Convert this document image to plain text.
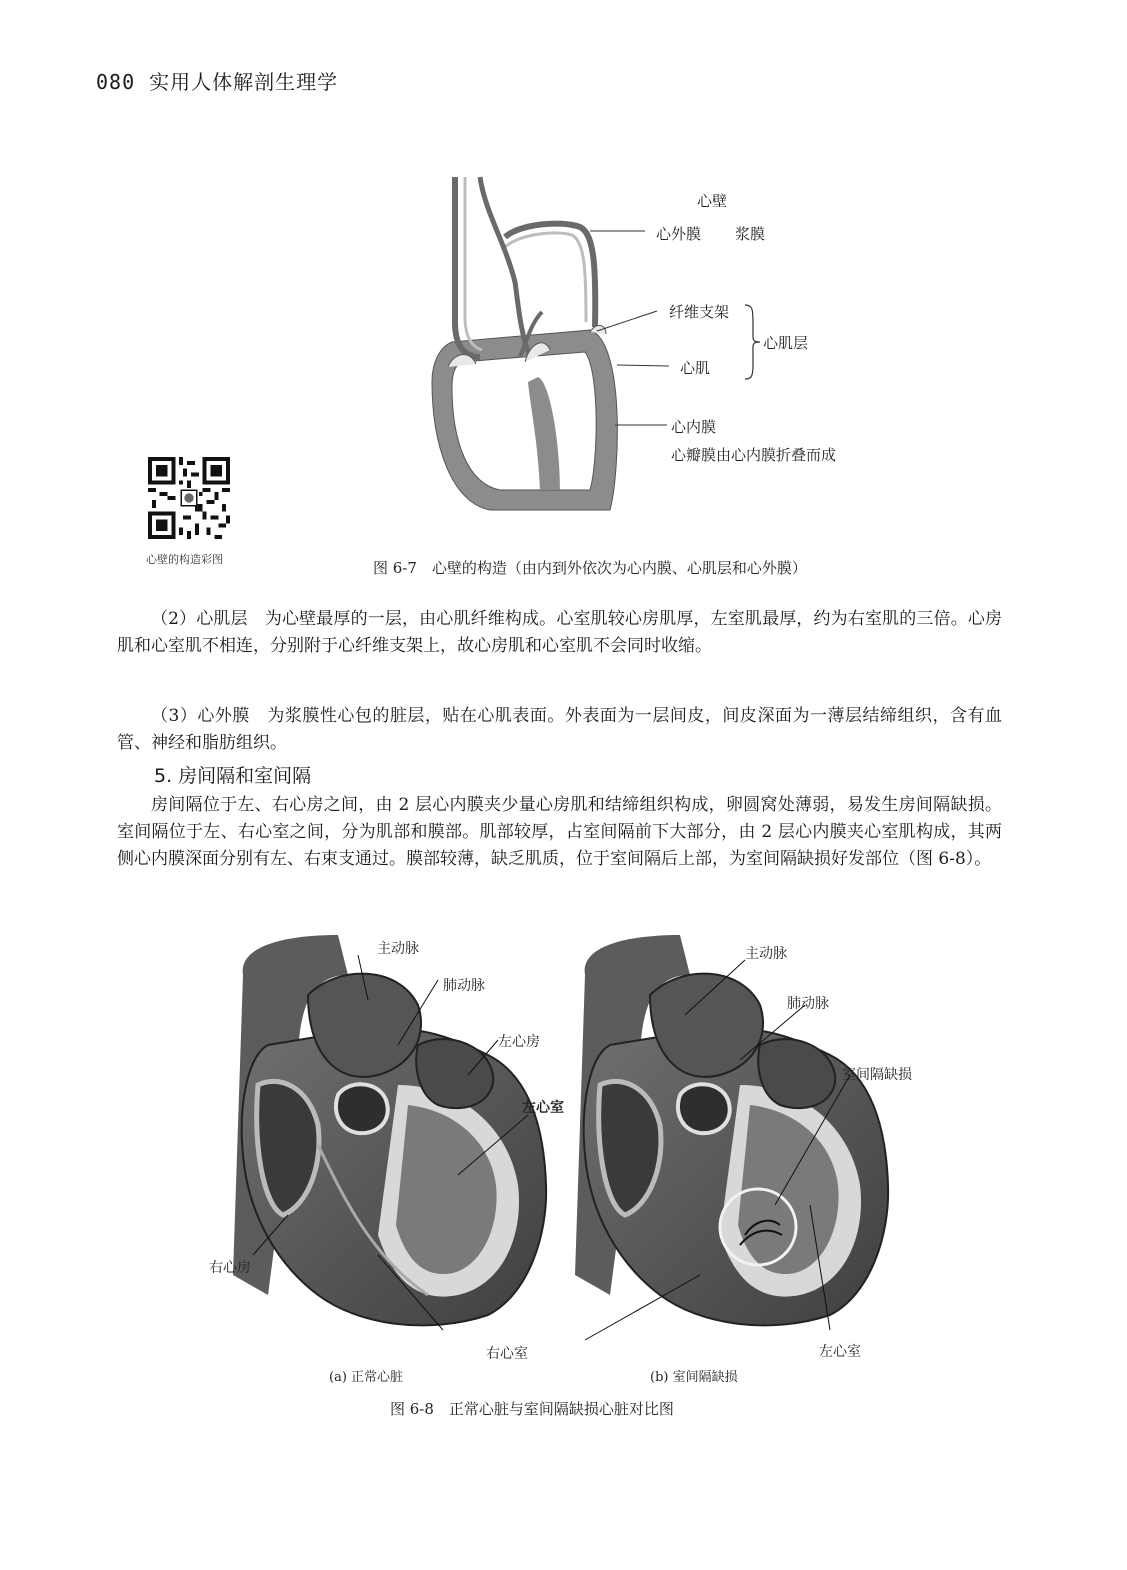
080 实用人体解剖生理学
心壁
心外膜 浆膜
纤维支架
心肌层
心肌
心内膜
心瓣膜由心内膜折叠而成
心壁的构造彩图	图 6-7　心壁的构造（由内到外依次为心内膜、心肌层和心外膜）

（2）心肌层　为心壁最厚的一层，由心肌纤维构成。心室肌较心房肌厚，左室肌最厚，约为右室肌的三倍。心房肌和心室肌不相连，分别附于心纤维支架上，故心房肌和心室肌不会同时收缩。

（3）心外膜　为浆膜性心包的脏层，贴在心肌表面。外表面为一层间皮，间皮深面为一薄层结缔组织，含有血管、神经和脂肪组织。

5. 房间隔和室间隔

房间隔位于左、右心房之间，由 2 层心内膜夹少量心房肌和结缔组织构成，卵圆窝处薄弱，易发生房间隔缺损。室间隔位于左、右心室之间，分为肌部和膜部。肌部较厚，占室间隔前下大部分，由 2 层心内膜夹心室肌构成，其两侧心内膜深面分别有左、右束支通过。膜部较薄，缺乏肌质，位于室间隔后上部，为室间隔缺损好发部位（图 6-8）。

主动脉
肺动脉
左心房
左心室
右心房
右心室
(a) 正常心脏
主动脉
肺动脉
室间隔缺损
左心室
(b) 室间隔缺损
图 6-8　正常心脏与室间隔缺损心脏对比图
